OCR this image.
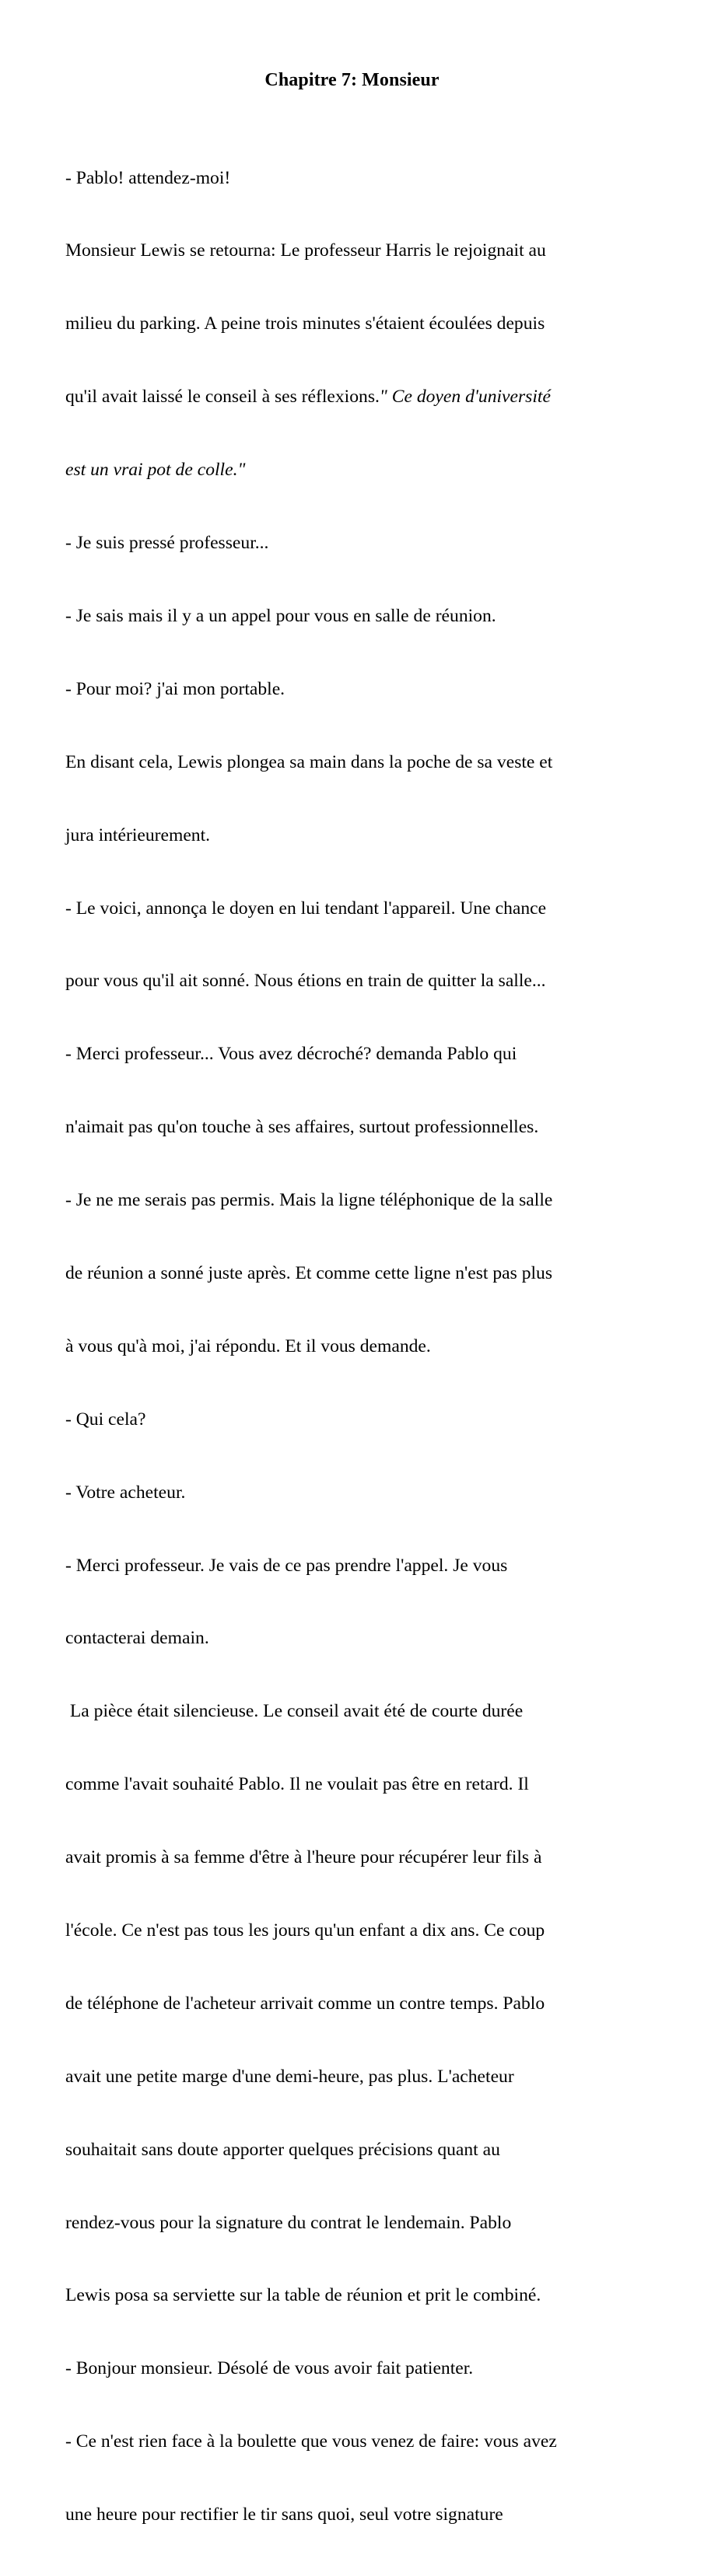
Chapitre 7: Monsieur

- Pablo! attendez-moi!

Monsieur Lewis se retourna: Le professeur Harris le rejoignait au

milieu du parking. A peine trois minutes s'étaient écoulées depuis

qu'il avait laissé le conseil à ses réflexions." Ce doyen d'université

est un vrai pot de colle."

- Je suis pressé professeur...

- Je sais mais il y a un appel pour vous en salle de réunion.

- Pour moi? j'ai mon portable.

En disant cela, Lewis plongea sa main dans la poche de sa veste et

jura intérieurement.

- Le voici, annonça le doyen en lui tendant l'appareil. Une chance

pour vous qu'il ait sonné. Nous étions en train de quitter la salle...

- Merci professeur... Vous avez décroché? demanda Pablo qui

n'aimait pas qu'on touche à ses affaires, surtout professionnelles.

- Je ne me serais pas permis. Mais la ligne téléphonique de la salle

de réunion a sonné juste après. Et comme cette ligne n'est pas plus

à vous qu'à moi, j'ai répondu. Et il vous demande.

- Qui cela?

- Votre acheteur.

- Merci professeur. Je vais de ce pas prendre l'appel. Je vous

contacterai demain.

La pièce était silencieuse. Le conseil avait été de courte durée

comme l'avait souhaité Pablo. Il ne voulait pas être en retard. Il

avait promis à sa femme d'être à l'heure pour récupérer leur fils à

l'école. Ce n'est pas tous les jours qu'un enfant a dix ans. Ce coup

de téléphone de l'acheteur arrivait comme un contre temps. Pablo

avait une petite marge d'une demi-heure, pas plus. L'acheteur

souhaitait sans doute apporter quelques précisions quant au

rendez-vous pour la signature du contrat le lendemain. Pablo

Lewis posa sa serviette sur la table de réunion et prit le combiné.

- Bonjour monsieur. Désolé de vous avoir fait patienter.

- Ce n'est rien face à la boulette que vous venez de faire: vous avez

une heure pour rectifier le tir sans quoi, seul votre signature
